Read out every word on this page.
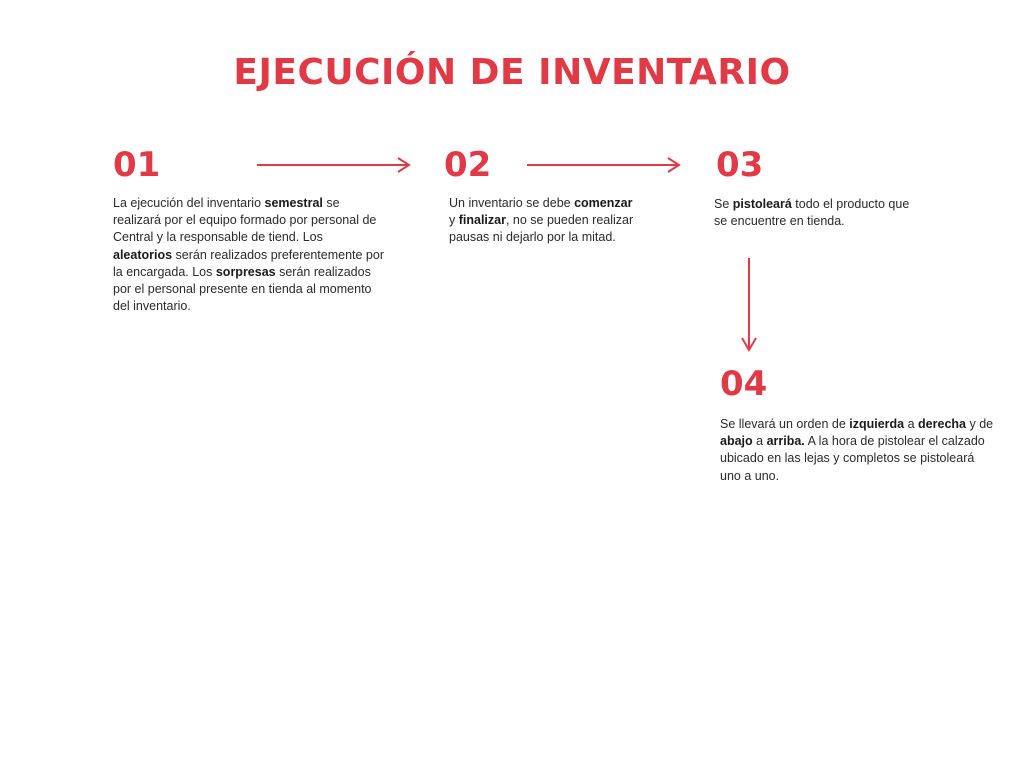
EJECUCIÓN DE INVENTARIO
01

La ejecución del inventario semestral se realizará por el equipo formado por personal de Central y la responsable de tiend. Los aleatorios serán realizados preferentemente por la encargada. Los sorpresas serán realizados por el personal presente en tienda al momento del inventario.

02

Un inventario se debe comenzar y finalizar, no se pueden realizar pausas ni dejarlo por la mitad.

03

Se pistoleará todo el producto que se encuentre en tienda.

04

Se llevará un orden de izquierda a derecha y de abajo a arriba. A la hora de pistolear el calzado ubicado en las lejas y completos se pistoleará uno a uno.
